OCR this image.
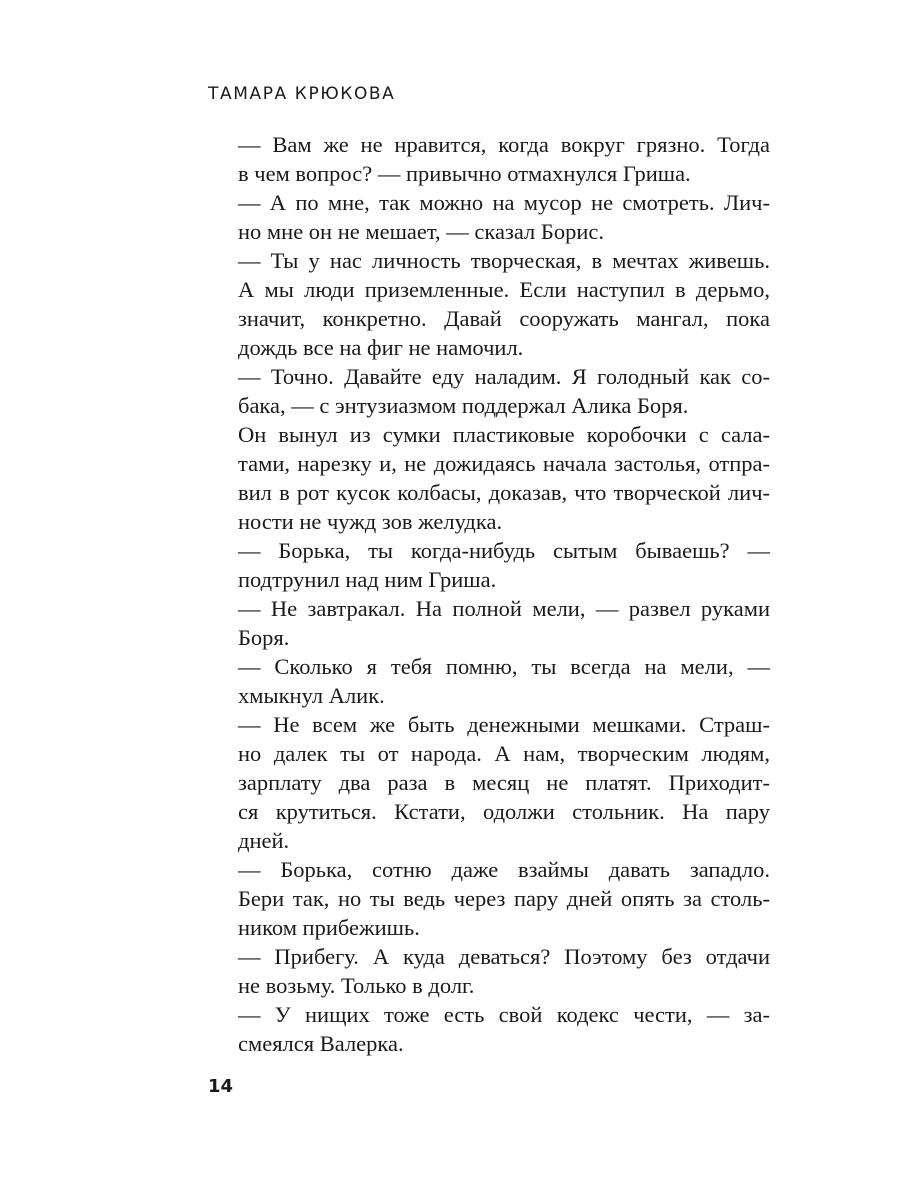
ТАМАРА КРЮКОВА
— Вам же не нравится, когда вокруг грязно. Тогда
в чем вопрос? — привычно отмахнулся Гриша.
— А по мне, так можно на мусор не смотреть. Лич-
но мне он не мешает, — сказал Борис.
— Ты у нас личность творческая, в мечтах живешь.
А мы люди приземленные. Если наступил в дерьмо,
значит, конкретно. Давай сооружать мангал, пока
дождь все на фиг не намочил.
— Точно. Давайте еду наладим. Я голодный как со-
бака, — с энтузиазмом поддержал Алика Боря.
Он вынул из сумки пластиковые коробочки с сала-
тами, нарезку и, не дожидаясь начала застолья, отпра-
вил в рот кусок колбасы, доказав, что творческой лич-
ности не чужд зов желудка.
— Борька, ты когда-нибудь сытым бываешь? —
подтрунил над ним Гриша.
— Не завтракал. На полной мели, — развел руками
Боря.
— Сколько я тебя помню, ты всегда на мели, —
хмыкнул Алик.
— Не всем же быть денежными мешками. Страш-
но далек ты от народа. А нам, творческим людям,
зарплату два раза в месяц не платят. Приходит-
ся крутиться. Кстати, одолжи стольник. На пару
дней.
— Борька, сотню даже взаймы давать западло.
Бери так, но ты ведь через пару дней опять за столь-
ником прибежишь.
— Прибегу. А куда деваться? Поэтому без отдачи
не возьму. Только в долг.
— У нищих тоже есть свой кодекс чести, — за-
смеялся Валерка.
14
